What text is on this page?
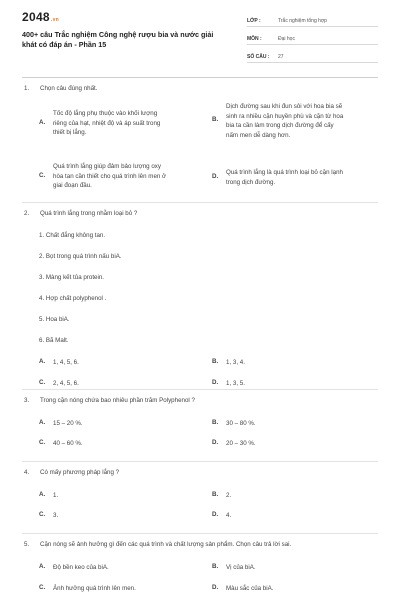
2048.vn
400+ câu Trắc nghiệm Công nghệ rượu bia và nước giải khát có đáp án - Phần 15
LỚP :	Trắc nghiệm tổng hợp
MÔN :	Đại học
SỐ CÂU :	27
1.	Chọn câu đúng nhất.
A.
Tốc độ lắng phụ thuộc vào khối lượng
riêng của hạt, nhiệt độ và áp suất trong
thiết bị lắng.
B.
Dịch đường sau khi đun sôi với hoa bia sẽ
sinh ra nhiều cặn huyền phù và cặn từ hoa
bia ta cần làm trong dịch đường để cấy
nấm men dễ dàng hơn.
C.
Quá trình lắng giúp đảm bảo lượng oxy
hòa tan cần thiết cho quá trình lên men ở
giai đoạn đầu.
D.
Quá trình lắng là quá trình loại bỏ cặn lạnh
trong dịch đường.
2.	Quá trình lắng trong nhằm loại bỏ ?
1. Chất đắng không tan.
2. Bọt trong quá trình nấu biA.
3. Màng kết tủa protein.
4. Hợp chất polyphenol .
5. Hoa biA.
6. Bã Malt.
A.	1, 4, 5, 6.	B.	1, 3, 4.
C.	2, 4, 5, 6.	D.	1, 3, 5.
3.	Trong cặn nóng chứa bao nhiêu phần trăm Polyphenol ?
A.	15 – 20 %.	B.	30 – 80 %.
C.	40 – 60 %.	D.	20 – 30 %.
4.	Có mấy phương pháp lắng ?
A.	1.	B.	2.
C.	3.	D.	4.
5.	Cặn nóng sẽ ảnh hưởng gì đến các quá trình và chất lượng sản phẩm. Chọn câu trả lời sai.
A.	Độ bền keo của biA.	B.	Vị của biA.
C.	Ảnh hưởng quá trình lên men.	D.	Màu sắc của biA.
